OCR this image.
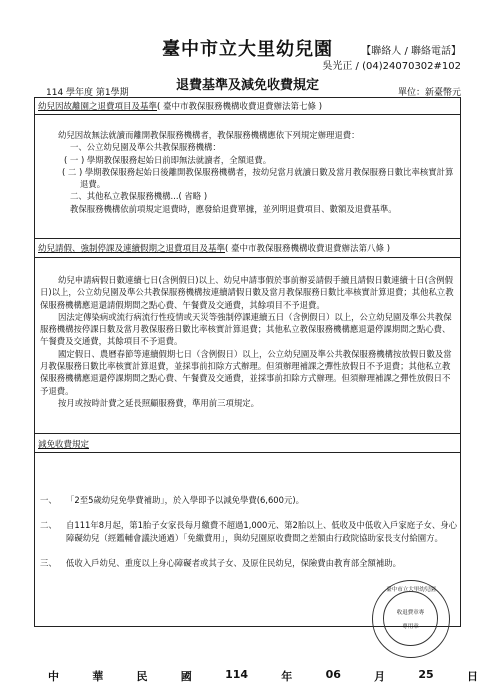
臺中市立大里幼兒園	【聯絡人 / 聯絡電話】
吳光正 / (04)24070302#102
退費基準及減免收費規定
114 學年度 第1學期	單位：新臺幣元
幼兒因故離園之退費項目及基準( 臺中市教保服務機構收費退費辦法第七條 )

幼兒因故無法就讀而離開教保服務機構者，教保服務機構應依下列規定辦理退費：

一、公立幼兒園及準公共教保服務機構：

( 一 ) 學期教保服務起始日前即無法就讀者，全額退費。

( 二 ) 學期教保服務起始日後離開教保服務機構者，按幼兒當月就讀日數及當月教保服務日數比率核實計算退費。

二、其他私立教保服務機構...( 省略 )

教保服務機構依前項規定退費時，應發給退費單據，並列明退費項目、數額及退費基準。

幼兒請假、強制停課及連續假期之退費項目及基準( 臺中市教保服務機構收費退費辦法第八條 )

幼兒申請病假日數連續七日(含例假日)以上、幼兒申請事假於事前辦妥請假手續且請假日數連續十日(含例假日)以上，公立幼兒園及準公共教保服務機構按連續請假日數及當月教保服務日數比率核實計算退費；其他私立教保服務機構應退還請假期間之點心費、午餐費及交通費，其餘項目不予退費。

因法定傳染病或流行病流行性疫情或天災等強制停課連續五日（含例假日）以上，公立幼兒園及準公共教保服務機構按停課日數及當月教保服務日數比率核實計算退費；其他私立教保服務機構應退還停課期間之點心費、午餐費及交通費，其餘項目不予退費。

國定假日、農曆春節等連續假期七日（含例假日）以上，公立幼兒園及準公共教保服務機構按放假日數及當月教保服務日數比率核實計算退費，並採事前扣除方式辦理。但須辦理補課之彈性放假日不予退費；其他私立教保服務機構應退還停課期間之點心費、午餐費及交通費，並採事前扣除方式辦理。但須辦理補課之彈性放假日不予退費。

按月或按時計費之延長照顧服務費，準用前三項規定。

減免收費規定
一、 「2至5歲幼兒免學費補助」，於入學即予以減免學費(6,600元)。
二、 自111年8月起，第1胎子女家長每月繳費不超過1,000元、第2胎以上、低收及中低收入戶家庭子女、身心障礙幼兒（經鑑輔會議決通過）「免繳費用」，與幼兒園原收費間之差額由行政院協助家長支付給園方。
三、 低收入戶幼兒、重度以上身心障礙者或其子女、及原住民幼兒，保險費由教育部全額補助。
臺中市立大里幼兒園
收退費章專
專用章
中	華	民	國	114	年	06	月	25	日
